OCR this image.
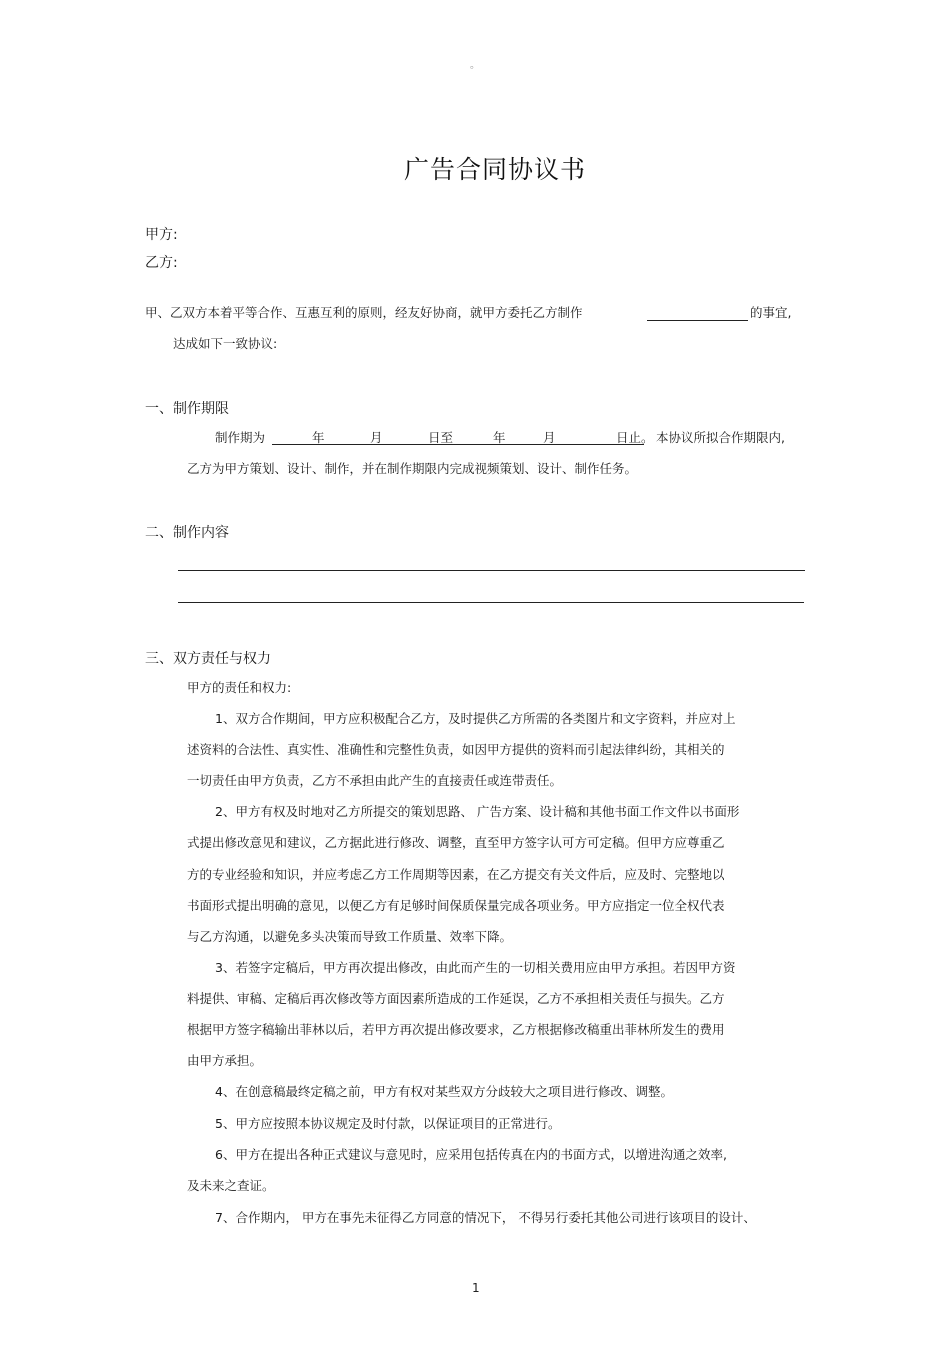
。
广告合同协议书
甲方:
乙方:
甲、乙双方本着平等合作、互惠互利的原则，经友好协商，就甲方委托乙方制作	的事宜,
达成如下一致协议:
一、制作期限
制作期为	年	月	日至	年	月	日止。 本协议所拟合作期限内,
乙方为甲方策划、设计、制作，并在制作期限内完成视频策划、设计、制作任务。
二、制作内容
三、双方责任与权力
甲方的责任和权力:
1、双方合作期间，甲方应积极配合乙方，及时提供乙方所需的各类图片和文字资料，并应对上
述资料的合法性、真实性、准确性和完整性负责，如因甲方提供的资料而引起法律纠纷，其相关的
一切责任由甲方负责，乙方不承担由此产生的直接责任或连带责任。
2、甲方有权及时地对乙方所提交的策划思路、 广告方案、设计稿和其他书面工作文件以书面形
式提出修改意见和建议，乙方据此进行修改、调整，直至甲方签字认可方可定稿。但甲方应尊重乙
方的专业经验和知识，并应考虑乙方工作周期等因素，在乙方提交有关文件后，应及时、完整地以
书面形式提出明确的意见，以便乙方有足够时间保质保量完成各项业务。甲方应指定一位全权代表
与乙方沟通，以避免多头决策而导致工作质量、效率下降。
3、若签字定稿后，甲方再次提出修改，由此而产生的一切相关费用应由甲方承担。若因甲方资
料提供、审稿、定稿后再次修改等方面因素所造成的工作延误，乙方不承担相关责任与损失。乙方
根据甲方签字稿输出菲林以后，若甲方再次提出修改要求，乙方根据修改稿重出菲林所发生的费用
由甲方承担。
4、在创意稿最终定稿之前，甲方有权对某些双方分歧较大之项目进行修改、调整。
5、甲方应按照本协议规定及时付款，以保证项目的正常进行。
6、甲方在提出各种正式建议与意见时，应采用包括传真在内的书面方式，以增进沟通之效率,
及未来之查证。
7、合作期内， 甲方在事先未征得乙方同意的情况下， 不得另行委托其他公司进行该项目的设计、
1
